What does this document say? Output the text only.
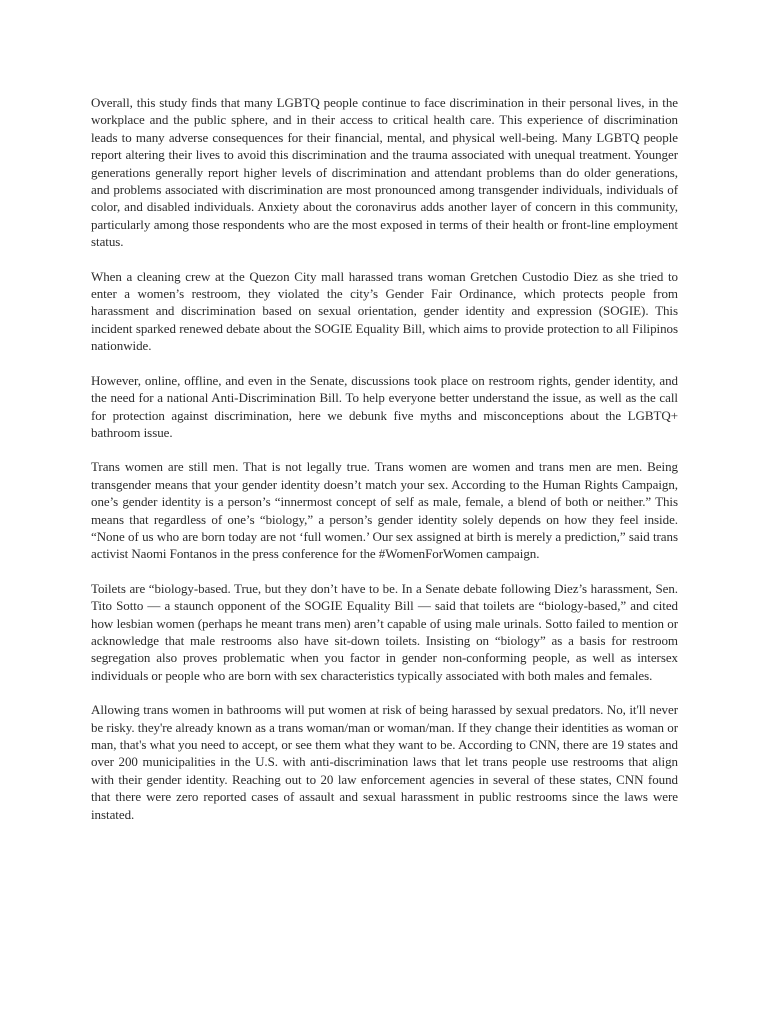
Overall, this study finds that many LGBTQ people continue to face discrimination in their personal lives, in the workplace and the public sphere, and in their access to critical health care. This experience of discrimination leads to many adverse consequences for their financial, mental, and physical well-being. Many LGBTQ people report altering their lives to avoid this discrimination and the trauma associated with unequal treatment. Younger generations generally report higher levels of discrimination and attendant problems than do older generations, and problems associated with discrimination are most pronounced among transgender individuals, individuals of color, and disabled individuals. Anxiety about the coronavirus adds another layer of concern in this community, particularly among those respondents who are the most exposed in terms of their health or front-line employment status.

When a cleaning crew at the Quezon City mall harassed trans woman Gretchen Custodio Diez as she tried to enter a women’s restroom, they violated the city’s Gender Fair Ordinance, which protects people from harassment and discrimination based on sexual orientation, gender identity and expression (SOGIE). This incident sparked renewed debate about the SOGIE Equality Bill, which aims to provide protection to all Filipinos nationwide.

However, online, offline, and even in the Senate, discussions took place on restroom rights, gender identity, and the need for a national Anti-Discrimination Bill. To help everyone better understand the issue, as well as the call for protection against discrimination, here we debunk five myths and misconceptions about the LGBTQ+ bathroom issue.

Trans women are still men. That is not legally true. Trans women are women and trans men are men. Being transgender means that your gender identity doesn’t match your sex. According to the Human Rights Campaign, one’s gender identity is a person’s “innermost concept of self as male, female, a blend of both or neither.” This means that regardless of one’s “biology,” a person’s gender identity solely depends on how they feel inside. “None of us who are born today are not ‘full women.’ Our sex assigned at birth is merely a prediction,” said trans activist Naomi Fontanos in the press conference for the #WomenForWomen campaign.

Toilets are “biology-based. True, but they don’t have to be. In a Senate debate following Diez’s harassment, Sen. Tito Sotto — a staunch opponent of the SOGIE Equality Bill — said that toilets are “biology-based,” and cited how lesbian women (perhaps he meant trans men) aren’t capable of using male urinals. Sotto failed to mention or acknowledge that male restrooms also have sit-down toilets. Insisting on “biology” as a basis for restroom segregation also proves problematic when you factor in gender non-conforming people, as well as intersex individuals or people who are born with sex characteristics typically associated with both males and females.

Allowing trans women in bathrooms will put women at risk of being harassed by sexual predators. No, it'll never be risky. they're already known as a trans woman/man or woman/man. If they change their identities as woman or man, that's what you need to accept, or see them what they want to be. According to CNN, there are 19 states and over 200 municipalities in the U.S. with anti-discrimination laws that let trans people use restrooms that align with their gender identity. Reaching out to 20 law enforcement agencies in several of these states, CNN found that there were zero reported cases of assault and sexual harassment in public restrooms since the laws were instated.
